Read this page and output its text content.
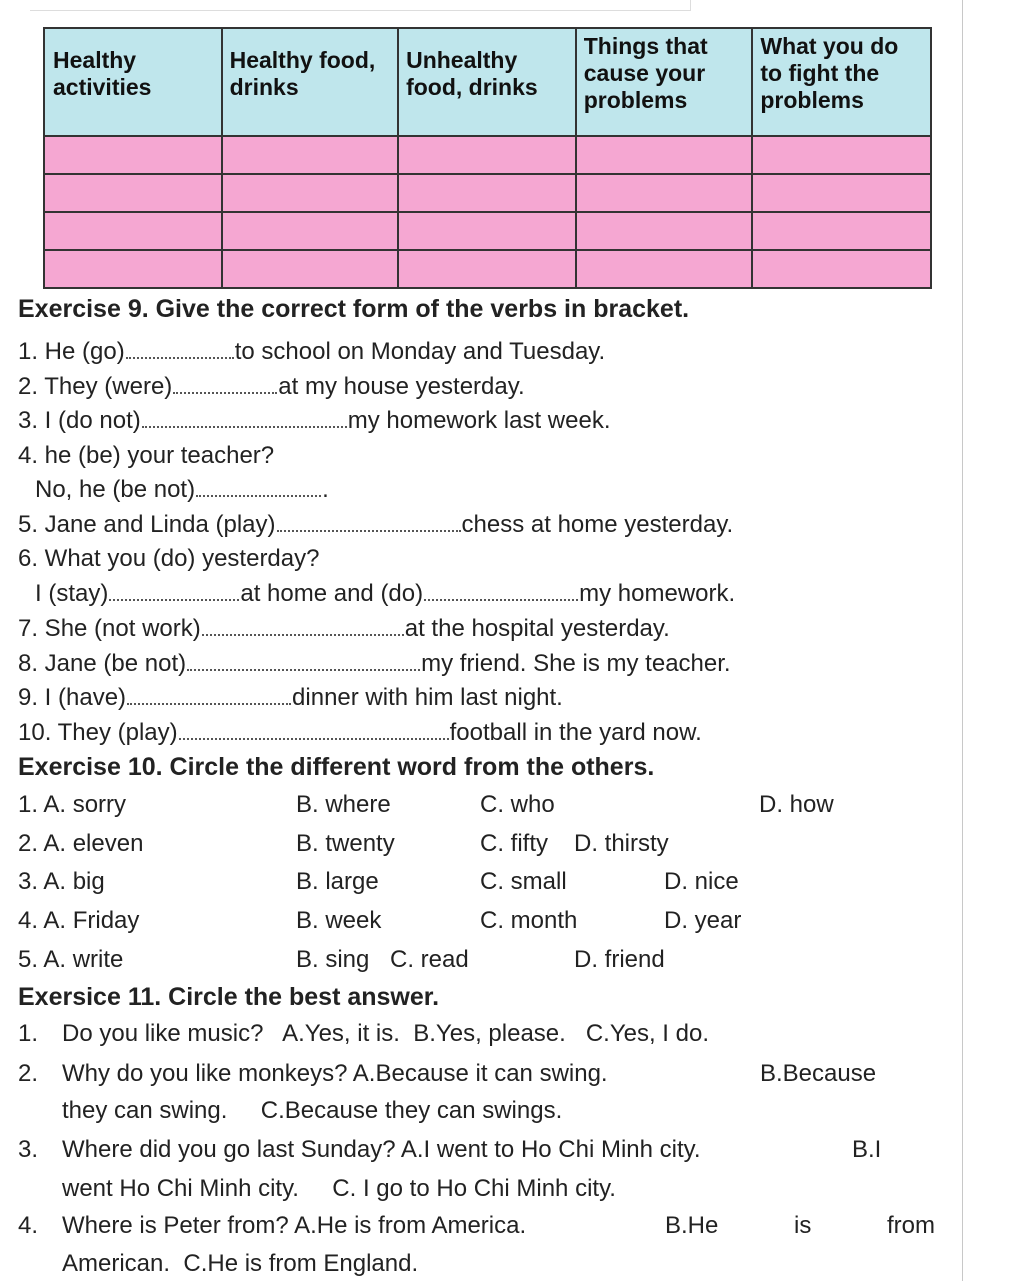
Healthy activities	Healthy food, drinks	Unhealthy food, drinks	Things that cause your problems	What you do to fight the problems

Exercise 9. Give the correct form of the verbs in bracket.
1. He (go)	to school on Monday and Tuesday.
2. They (were)	at my house yesterday.
3. I (do not)	my homework last week.
4. he (be) your teacher?
No, he (be not)	.
5. Jane and Linda (play)	chess at home yesterday.
6. What you (do) yesterday?
I (stay)	at home and (do)	my homework.
7. She (not work)	at the hospital yesterday.
8. Jane (be not)	my friend. She is my teacher.
9. I (have)	dinner with him last night.
10. They (play)	football in the yard now.
Exercise 10. Circle the different word from the others.
1. A. sorry	B. where	C. who	D. how
2. A. eleven	B. twenty	C. fifty D. thirsty
3. A. big	B. large	C. small	D. nice
4. A. Friday	B. week	C. month	D. year
5. A. write	B. sing C. read	D. friend
Exersice 11. Circle the best answer.
1. Do you like music?   A.Yes, it is.  B.Yes, please.   C.Yes, I do.
2. Why do you like monkeys? A.Because it can swing.	B.Because
they can swing.     C.Because they can swings.
3. Where did you go last Sunday? A.I went to Ho Chi Minh city.	B.I
went Ho Chi Minh city.     C. I go to Ho Chi Minh city.
4. Where is Peter from? A.He is from America.	B.He	is	from
American.  C.He is from England.
